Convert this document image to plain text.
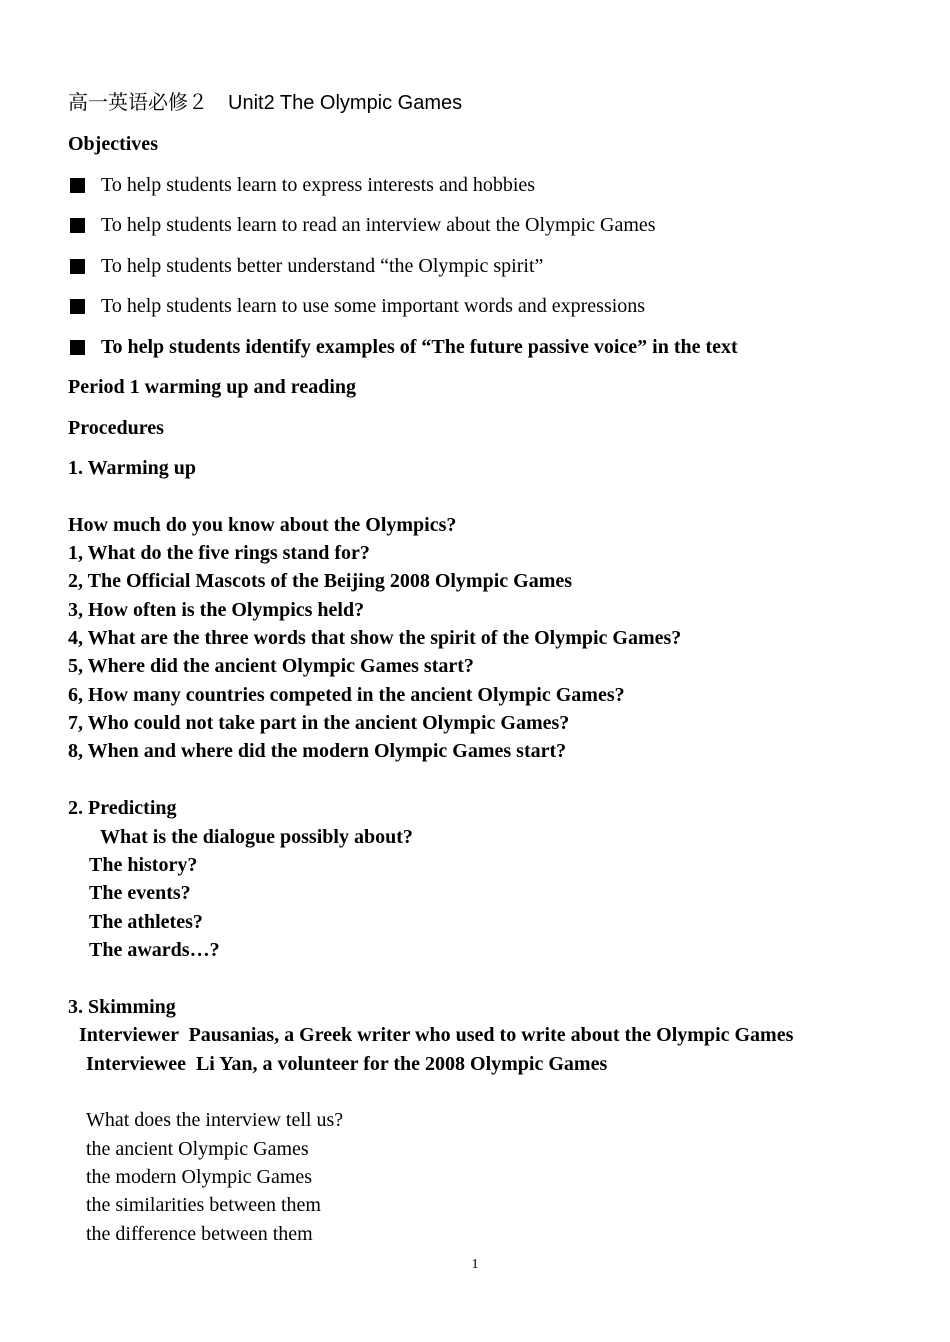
高一英语必修２　Unit2 The Olympic Games
Objectives
To help students learn to express interests and hobbies
To help students learn to read an interview about the Olympic Games
To help students better understand “the Olympic spirit”
To help students learn to use some important words and expressions
To help students identify examples of “The future passive voice” in the text
Period 1 warming up and reading
Procedures
1. Warming up
How much do you know about the Olympics?
1, What do the five rings stand for?
2, The Official Mascots of the Beijing 2008 Olympic Games
3, How often is the Olympics held?
4, What are the three words that show the spirit of the Olympic Games?
5, Where did the ancient Olympic Games start?
6, How many countries competed in the ancient Olympic Games?
7, Who could not take part in the ancient Olympic Games?
8, When and where did the modern Olympic Games start?
2. Predicting
What is the dialogue possibly about?
The history?
The events?
The athletes?
The awards…?
3. Skimming
Interviewer  Pausanias, a Greek writer who used to write about the Olympic Games
Interviewee  Li Yan, a volunteer for the 2008 Olympic Games
What does the interview tell us?
the ancient Olympic Games
the modern Olympic Games
the similarities between them
the difference between them
1
